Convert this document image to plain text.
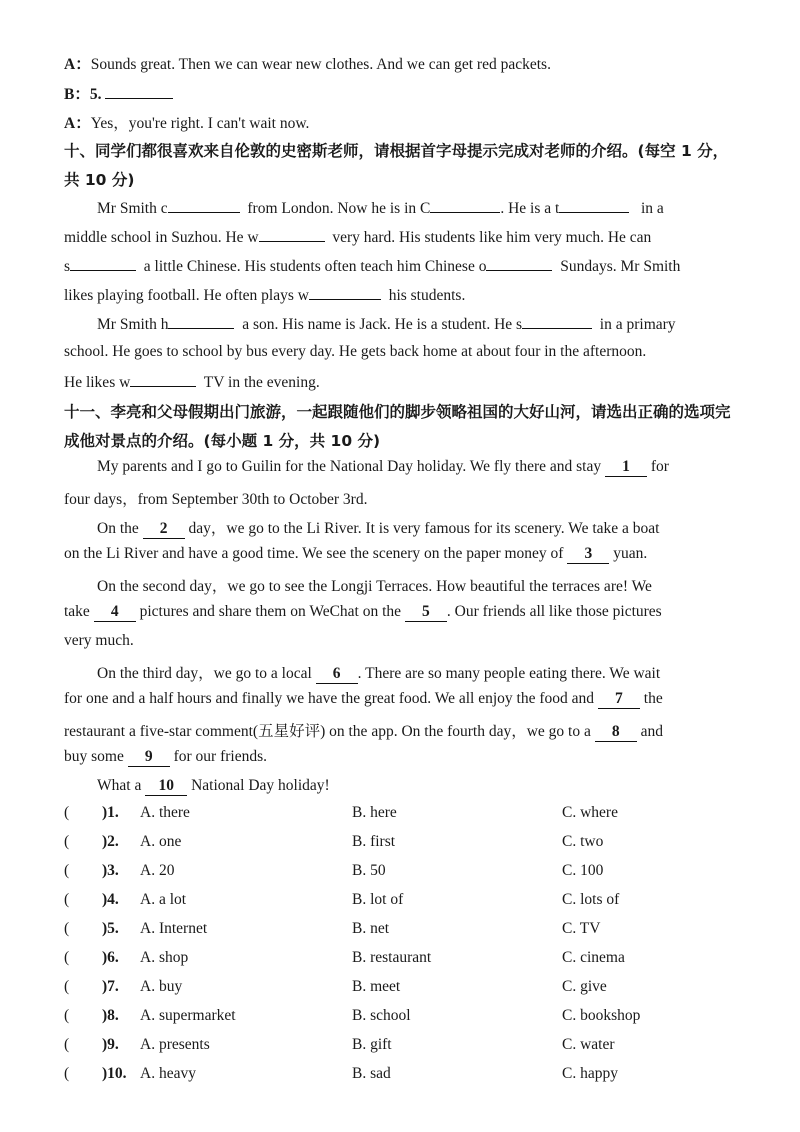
A：Sounds great. Then we can wear new clothes. And we can get red packets.
B：5.
A：Yes，you're right. I can't wait now.
十、同学们都很喜欢来自伦敦的史密斯老师，请根据首字母提示完成对老师的介绍。(每空 1 分，
共 10 分)
Mr Smith c	from London. Now he is in C	. He is a t	in a
middle school in Suzhou. He w	very hard. His students like him very much. He can
s	a little Chinese. His students often teach him Chinese o	Sundays. Mr Smith
likes playing football. He often plays w	his students.
Mr Smith h	a son. His name is Jack. He is a student. He s	in a primary
school. He goes to school by bus every day. He gets back home at about four in the afternoon.
He likes w	TV in the evening.
十一、李亮和父母假期出门旅游，一起跟随他们的脚步领略祖国的大好山河，请选出正确的选项完
成他对景点的介绍。(每小题 1 分，共 10 分)
My parents and I go to Guilin for the National Day holiday. We fly there and stay 1 for
four days，from September 30th to October 3rd.
On the 2 day，we go to the Li River. It is very famous for its scenery. We take a boat
on the Li River and have a good time. We see the scenery on the paper money of 3 yuan.
On the second day，we go to see the Longji Terraces. How beautiful the terraces are! We
take 4 pictures and share them on WeChat on the 5 . Our friends all like those pictures
very much.
On the third day，we go to a local 6 . There are so many people eating there. We wait
for one and a half hours and finally we have the great food. We all enjoy the food and 7 the
restaurant a five-star comment(五星好评) on the app. On the fourth day，we go to a 8 and
buy some 9 for our friends.
What a 10 National Day holiday!
( )1. A. there	B. here	C. where
( )2. A. one	B. first	C. two
( )3. A. 20	B. 50	C. 100
( )4. A. a lot	B. lot of	C. lots of
( )5. A. Internet	B. net	C. TV
( )6. A. shop	B. restaurant	C. cinema
( )7. A. buy	B. meet	C. give
( )8. A. supermarket	B. school	C. bookshop
( )9. A. presents	B. gift	C. water
( )10. A. heavy	B. sad	C. happy
